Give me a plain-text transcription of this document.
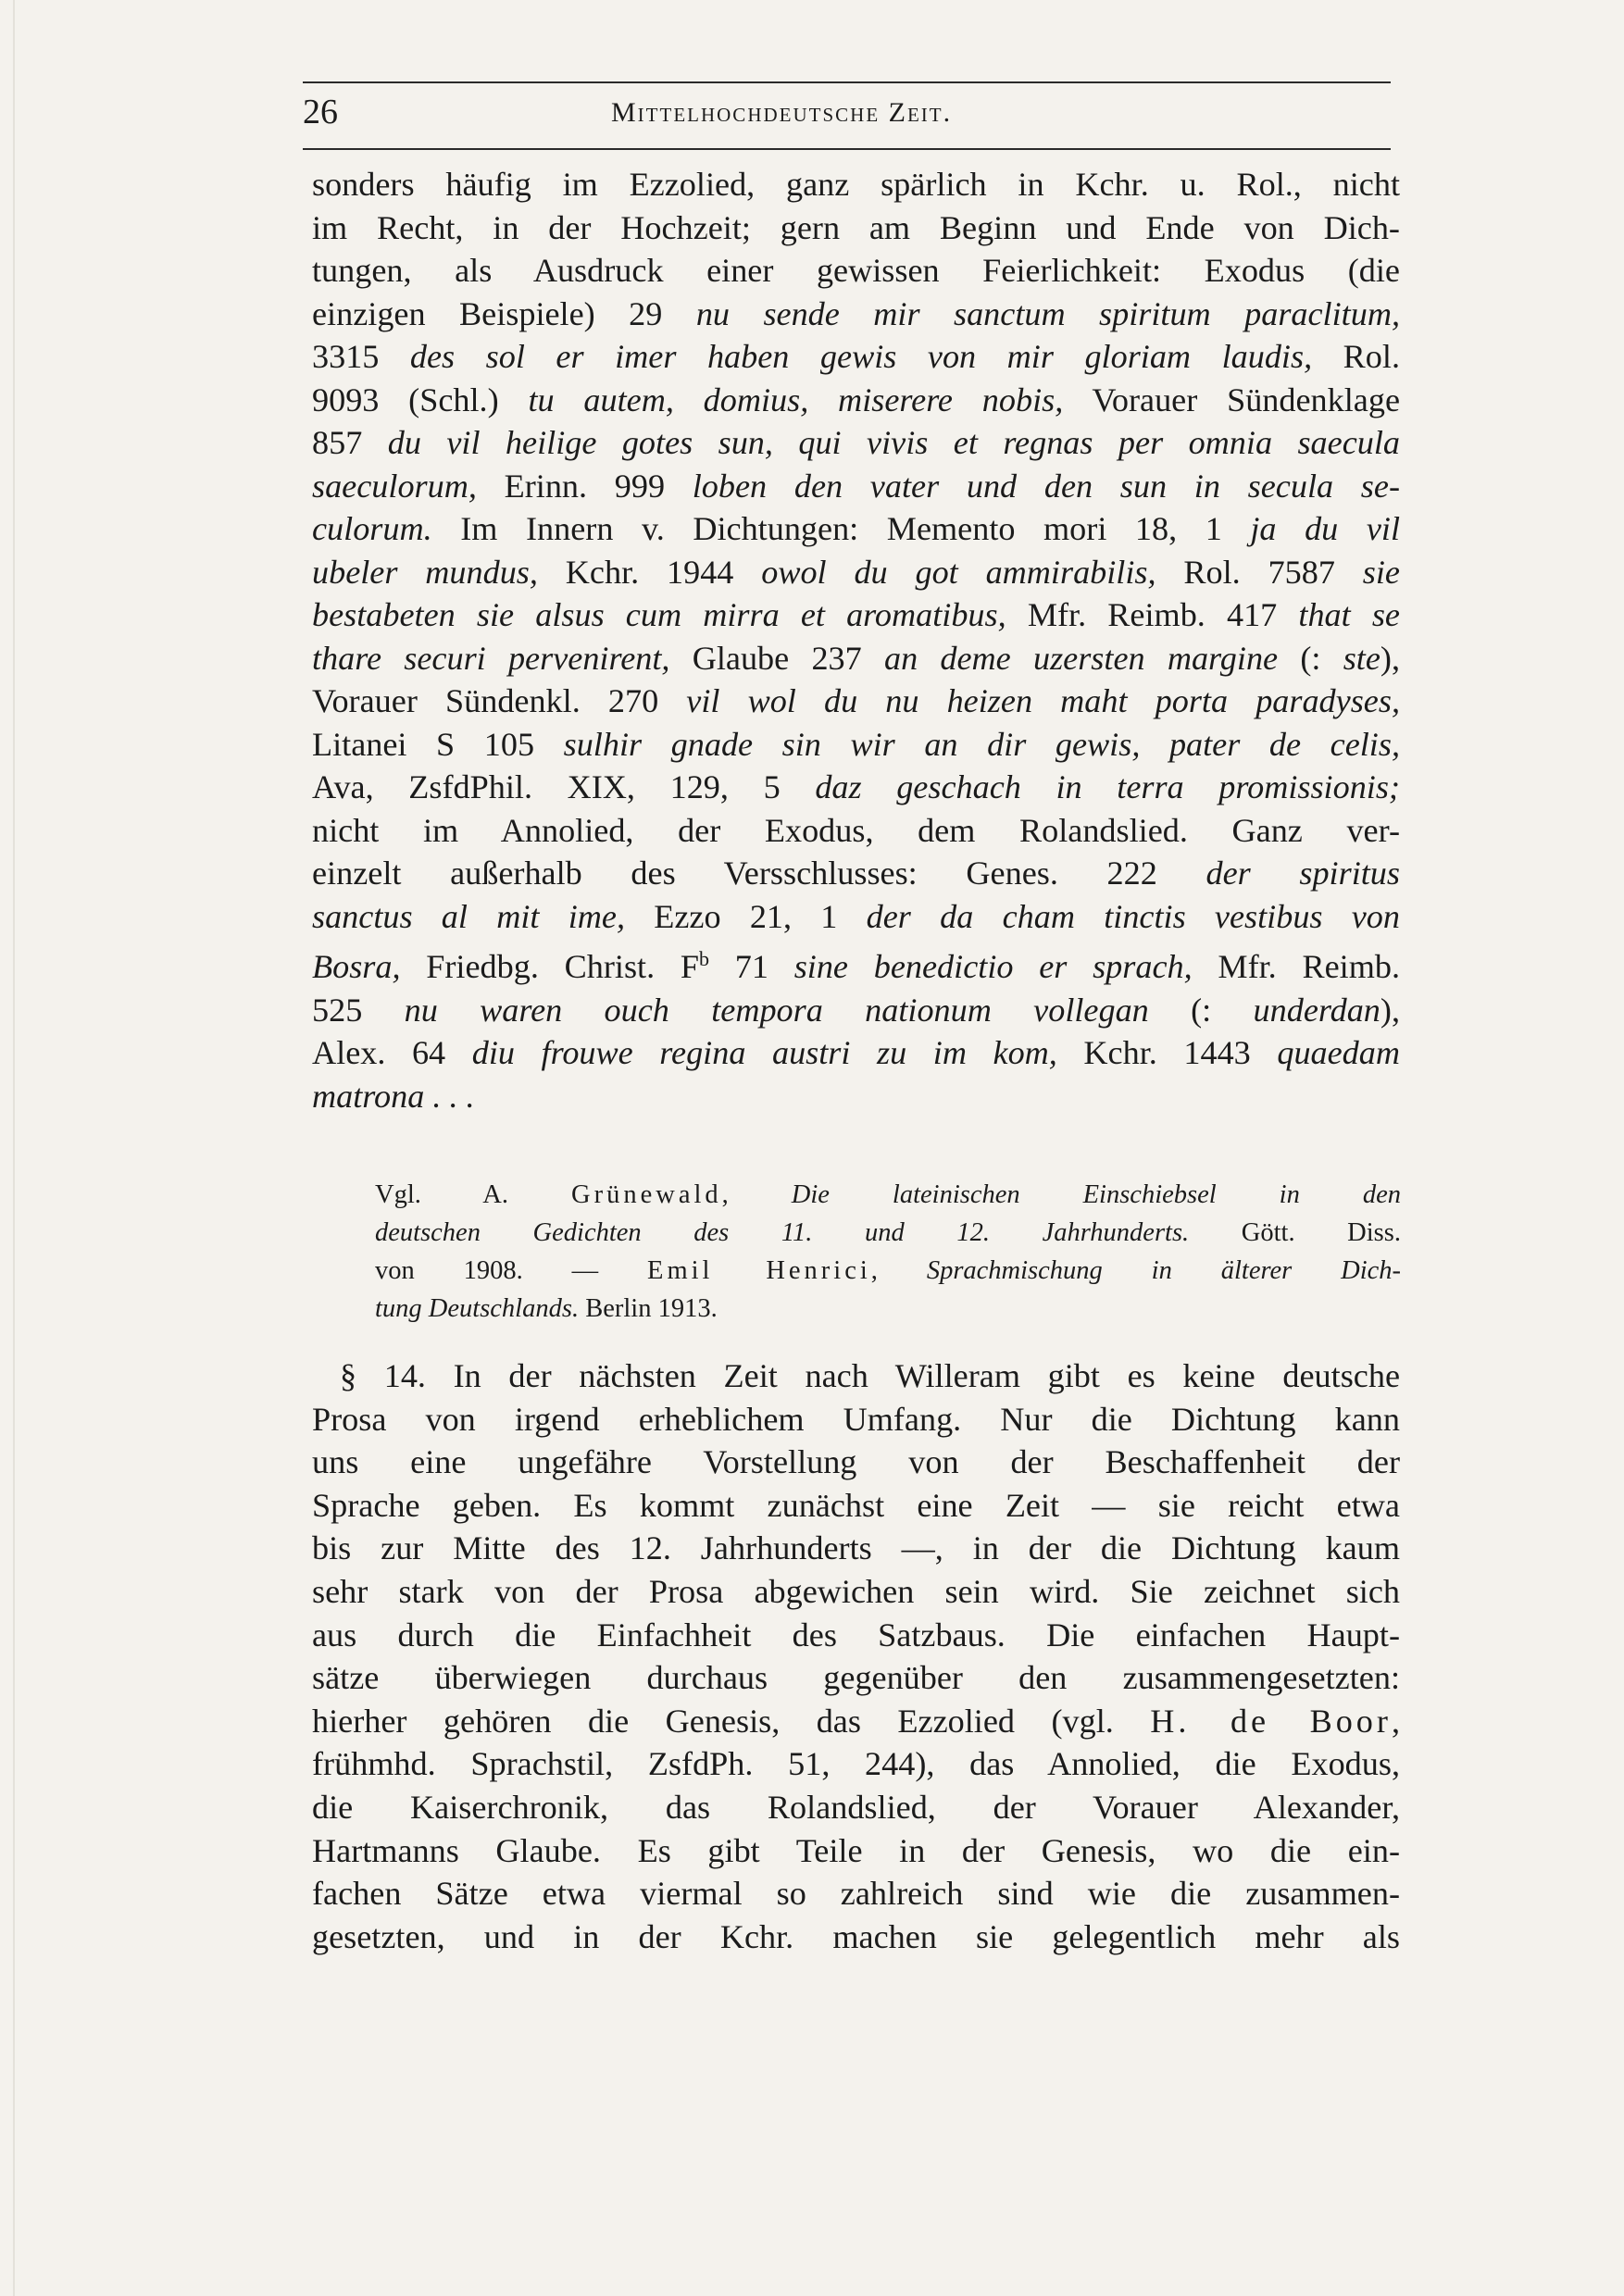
26	Mittelhochdeutsche Zeit.

sonders häufig im Ezzolied, ganz spärlich in Kchr. u. Rol., nicht

im Recht, in der Hochzeit; gern am Beginn und Ende von Dich-

tungen, als Ausdruck einer gewissen Feierlichkeit: Exodus (die

einzigen Beispiele) 29 nu sende mir sanctum spiritum paraclitum,

3315 des sol er imer haben gewis von mir gloriam laudis, Rol.

9093 (Schl.) tu autem, domius, miserere nobis, Vorauer Sündenklage

857 du vil heilige gotes sun, qui vivis et regnas per omnia saecula

saeculorum, Erinn. 999 loben den vater und den sun in secula se-

culorum. Im Innern v. Dichtungen: Memento mori 18, 1 ja du vil

ubeler mundus, Kchr. 1944 owol du got ammirabilis, Rol. 7587 sie

bestabeten sie alsus cum mirra et aromatibus, Mfr. Reimb. 417 that se

thare securi pervenirent, Glaube 237 an deme uzersten margine (: ste),

Vorauer Sündenkl. 270 vil wol du nu heizen maht porta paradyses,

Litanei S 105 sulhir gnade sin wir an dir gewis, pater de celis,

Ava, ZsfdPhil. XIX, 129, 5 daz geschach in terra promissionis;

nicht im Annolied, der Exodus, dem Rolandslied. Ganz ver-

einzelt außerhalb des Versschlusses: Genes. 222 der spiritus

sanctus al mit ime, Ezzo 21, 1 der da cham tinctis vestibus von

Bosra, Friedbg. Christ. $F^b$ 71 sine benedictio er sprach, Mfr. Reimb.

525 nu waren ouch tempora nationum vollegan (: underdan),

Alex. 64 diu frouwe regina austri zu im kom, Kchr. 1443 quaedam

matrona . . .

Vgl. A. Grünewald, Die lateinischen Einschiebsel in den

deutschen Gedichten des 11. und 12. Jahrhunderts. Gött. Diss.

von 1908. — Emil Henrici, Sprachmischung in älterer Dich-

tung Deutschlands. Berlin 1913.

§ 14. In der nächsten Zeit nach Willeram gibt es keine deutsche

Prosa von irgend erheblichem Umfang. Nur die Dichtung kann

uns eine ungefähre Vorstellung von der Beschaffenheit der

Sprache geben. Es kommt zunächst eine Zeit — sie reicht etwa

bis zur Mitte des 12. Jahrhunderts —, in der die Dichtung kaum

sehr stark von der Prosa abgewichen sein wird. Sie zeichnet sich

aus durch die Einfachheit des Satzbaus. Die einfachen Haupt-

sätze überwiegen durchaus gegenüber den zusammengesetzten:

hierher gehören die Genesis, das Ezzolied (vgl. H. de Boor,

frühmhd. Sprachstil, ZsfdPh. 51, 244), das Annolied, die Exodus,

die Kaiserchronik, das Rolandslied, der Vorauer Alexander,

Hartmanns Glaube. Es gibt Teile in der Genesis, wo die ein-

fachen Sätze etwa viermal so zahlreich sind wie die zusammen-

gesetzten, und in der Kchr. machen sie gelegentlich mehr als
